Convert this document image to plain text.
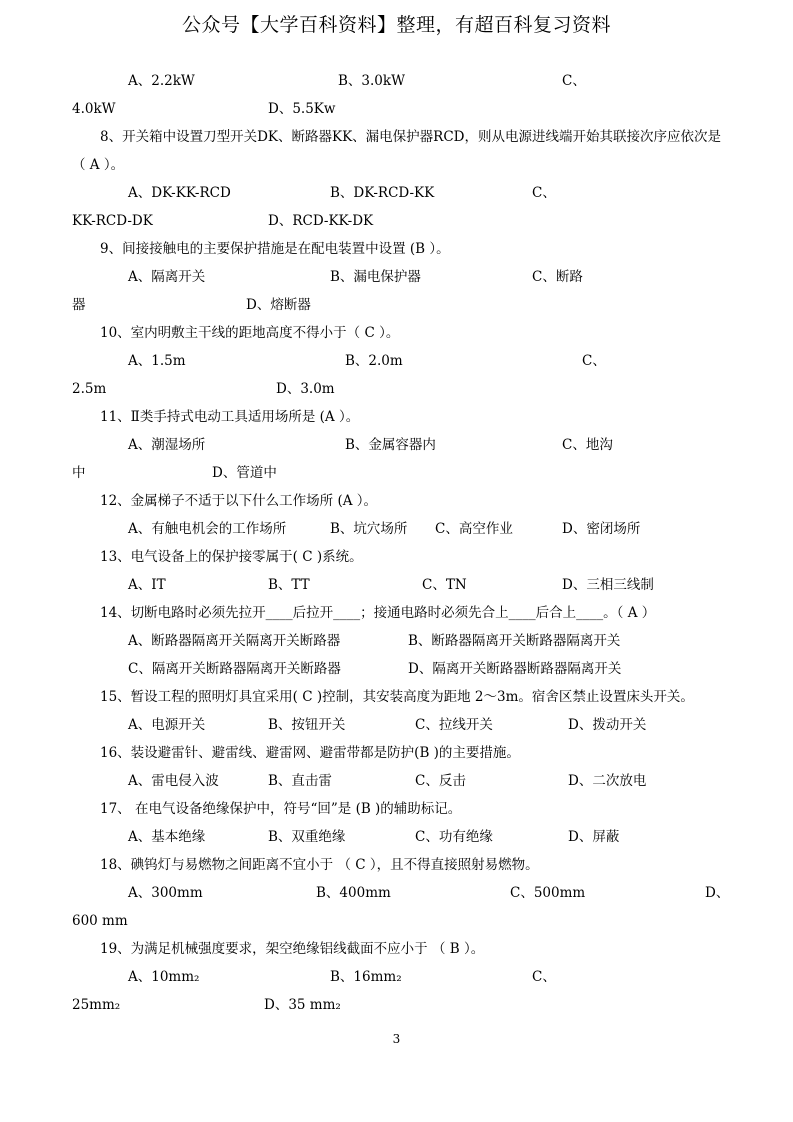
公众号【大学百科资料】整理，有超百科复习资料
A、2.2kW	B、3.0kW	C、
4.0kW	D、5.5Kw
8、开关箱中设置刀型开关DK、断路器KK、漏电保护器RCD，则从电源进线端开始其联接次序应依次是
（ A ）。
A、DK-KK-RCD	B、DK-RCD-KK	C、
KK-RCD-DK	D、RCD-KK-DK
9、间接接触电的主要保护措施是在配电装置中设置 (B ）。
A、隔离开关	B、漏电保护器	C、断路
器	D、熔断器
10、室内明敷主干线的距地高度不得小于（ C ）。
A、1.5m	B、2.0m	C、
2.5m	D、3.0m
11、Ⅱ类手持式电动工具适用场所是 (A ）。
A、潮湿场所	B、金属容器内	C、地沟
中	D、管道中
12、金属梯子不适于以下什么工作场所 (A ）。
A、有触电机会的工作场所	B、坑穴场所 C、高空作业	D、密闭场所
13、电气设备上的保护接零属于( C )系统。
A、IT	B、TT	C、TN	D、三相三线制
14、切断电路时必须先拉开____后拉开____；接通电路时必须先合上____后合上____。（ A ）
A、断路器隔离开关隔离开关断路器	B、断路器隔离开关断路器隔离开关
C、隔离开关断路器隔离开关断路器	D、隔离开关断路器断路器隔离开关
15、暂设工程的照明灯具宜采用( C )控制，其安装高度为距地 2～3m。宿舍区禁止设置床头开关。
A、电源开关	B、按钮开关	C、拉线开关	D、拨动开关
16、装设避雷针、避雷线、避雷网、避雷带都是防护(B )的主要措施。
A、雷电侵入波	B、直击雷	C、反击	D、二次放电
17、 在电气设备绝缘保护中，符号“回”是 (B )的辅助标记。
A、基本绝缘	B、双重绝缘	C、功有绝缘	D、屏蔽
18、碘钨灯与易燃物之间距离不宜小于 （ C ），且不得直接照射易燃物。
A、300mm	B、400mm	C、500mm	D、
600 mm
19、为满足机械强度要求，架空绝缘铝线截面不应小于 （ B ）。
A、10mm₂	B、16mm₂	C、
25mm₂	D、35 mm₂
3
